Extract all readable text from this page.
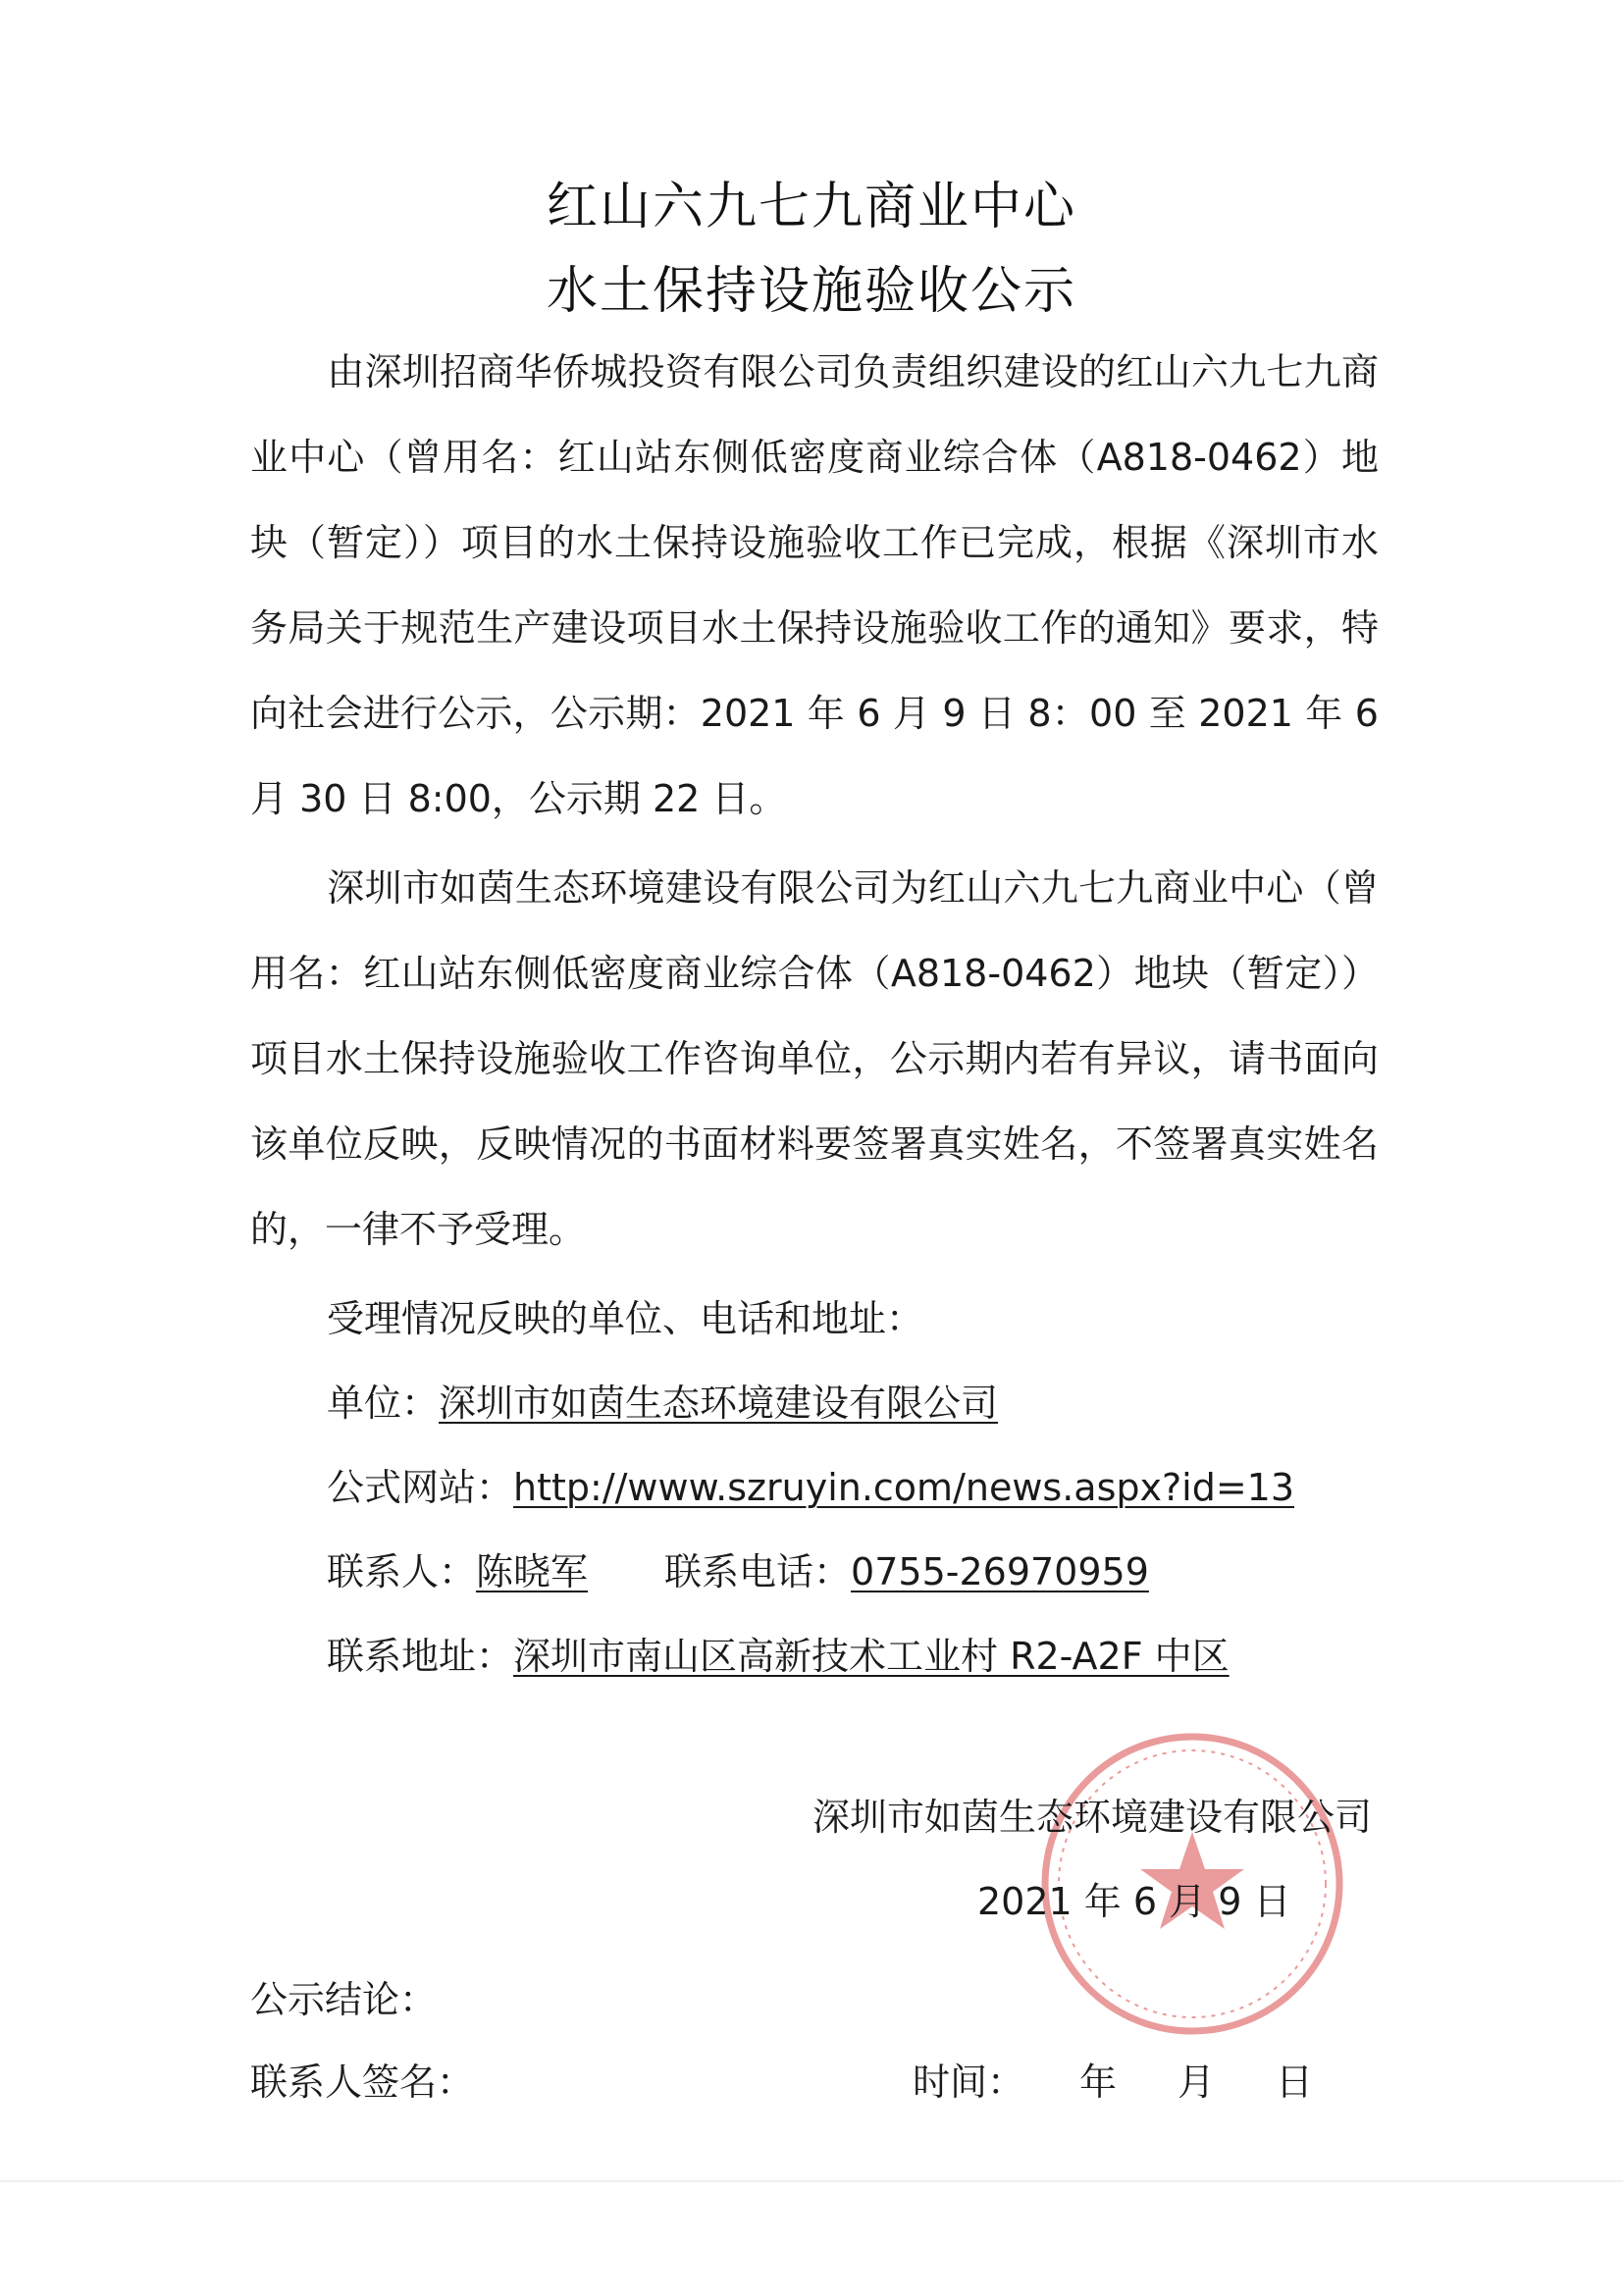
红山六九七九商业中心
水土保持设施验收公示
由深圳招商华侨城投资有限公司负责组织建设的红山六九七九商业中心（曾用名：红山站东侧低密度商业综合体（A818-0462）地块（暂定））项目的水土保持设施验收工作已完成，根据《深圳市水务局关于规范生产建设项目水土保持设施验收工作的通知》要求，特向社会进行公示，公示期：2021 年 6 月 9 日 8：00 至 2021 年 6 月 30 日 8:00，公示期 22 日。
深圳市如茵生态环境建设有限公司为红山六九七九商业中心（曾用名：红山站东侧低密度商业综合体（A818-0462）地块（暂定））项目水土保持设施验收工作咨询单位，公示期内若有异议，请书面向该单位反映，反映情况的书面材料要签署真实姓名，不签署真实姓名的，一律不予受理。
受理情况反映的单位、电话和地址：
单位：深圳市如茵生态环境建设有限公司
公式网站：http://www.szruyin.com/news.aspx?id=13
联系人：陈晓军 联系电话：0755-26970959
联系地址：深圳市南山区高新技术工业村 R2-A2F 中区
深圳市如茵生态环境建设有限公司
2021 年 6 月 9 日
公示结论：
联系人签名：	时间： 年 月 日
